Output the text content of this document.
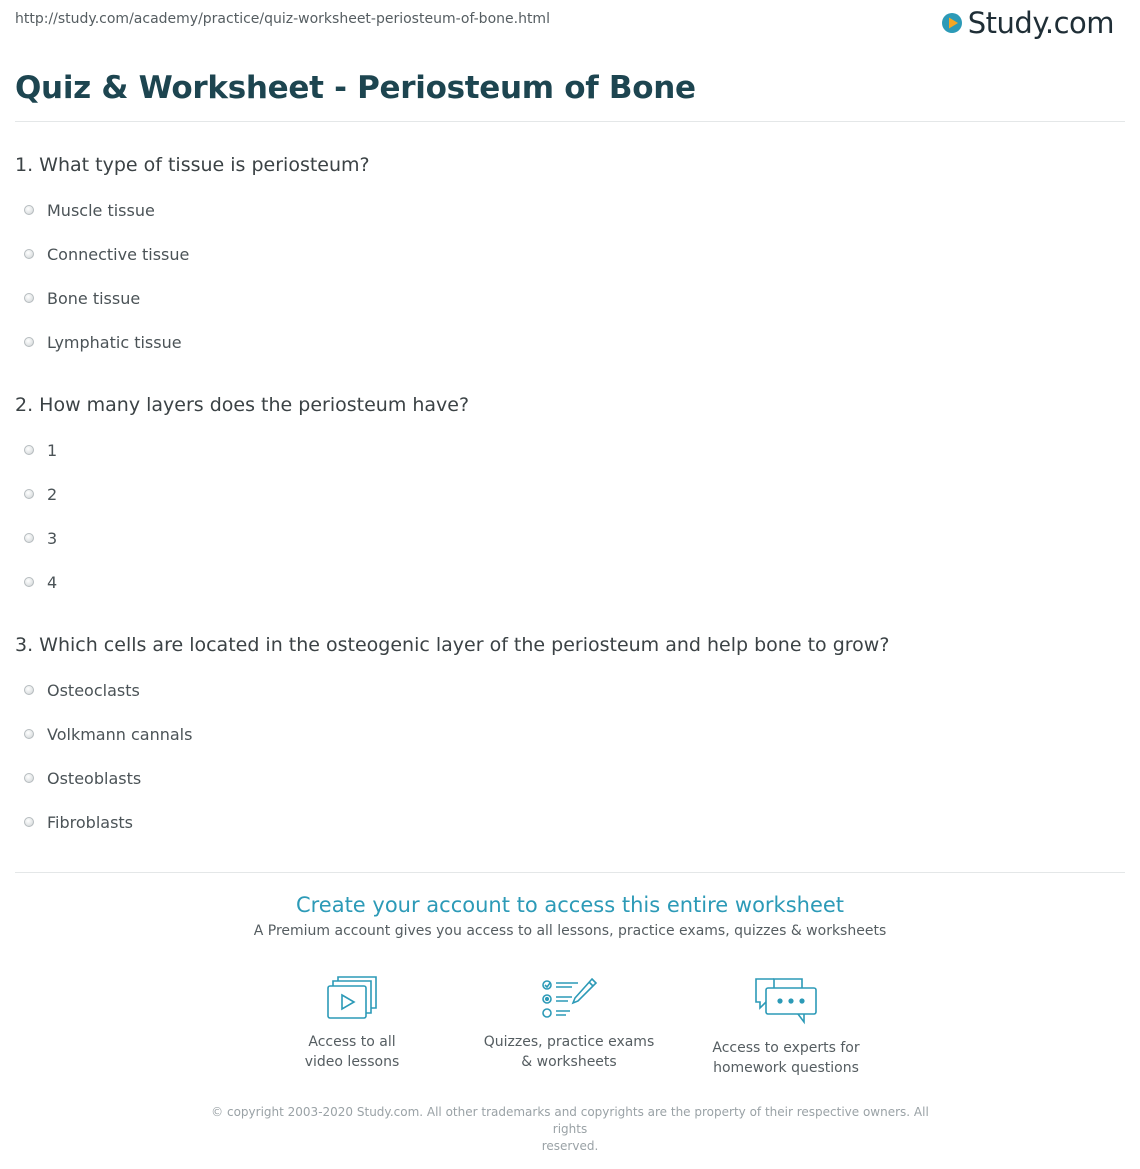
http://study.com/academy/practice/quiz-worksheet-periosteum-of-bone.html	Study.com
Quiz & Worksheet - Periosteum of Bone

1. What type of tissue is periosteum?

Muscle tissue
Connective tissue
Bone tissue
Lymphatic tissue

2. How many layers does the periosteum have?

1
2
3
4

3. Which cells are located in the osteogenic layer of the periosteum and help bone to grow?

Osteoclasts
Volkmann cannals
Osteoblasts
Fibroblasts
Create your account to access this entire worksheet
A Premium account gives you access to all lessons, practice exams, quizzes & worksheets
Access to all
video lessons
Quizzes, practice exams
& worksheets
Access to experts for
homework questions
© copyright 2003-2020 Study.com. All other trademarks and copyrights are the property of their respective owners. All rights
reserved.
